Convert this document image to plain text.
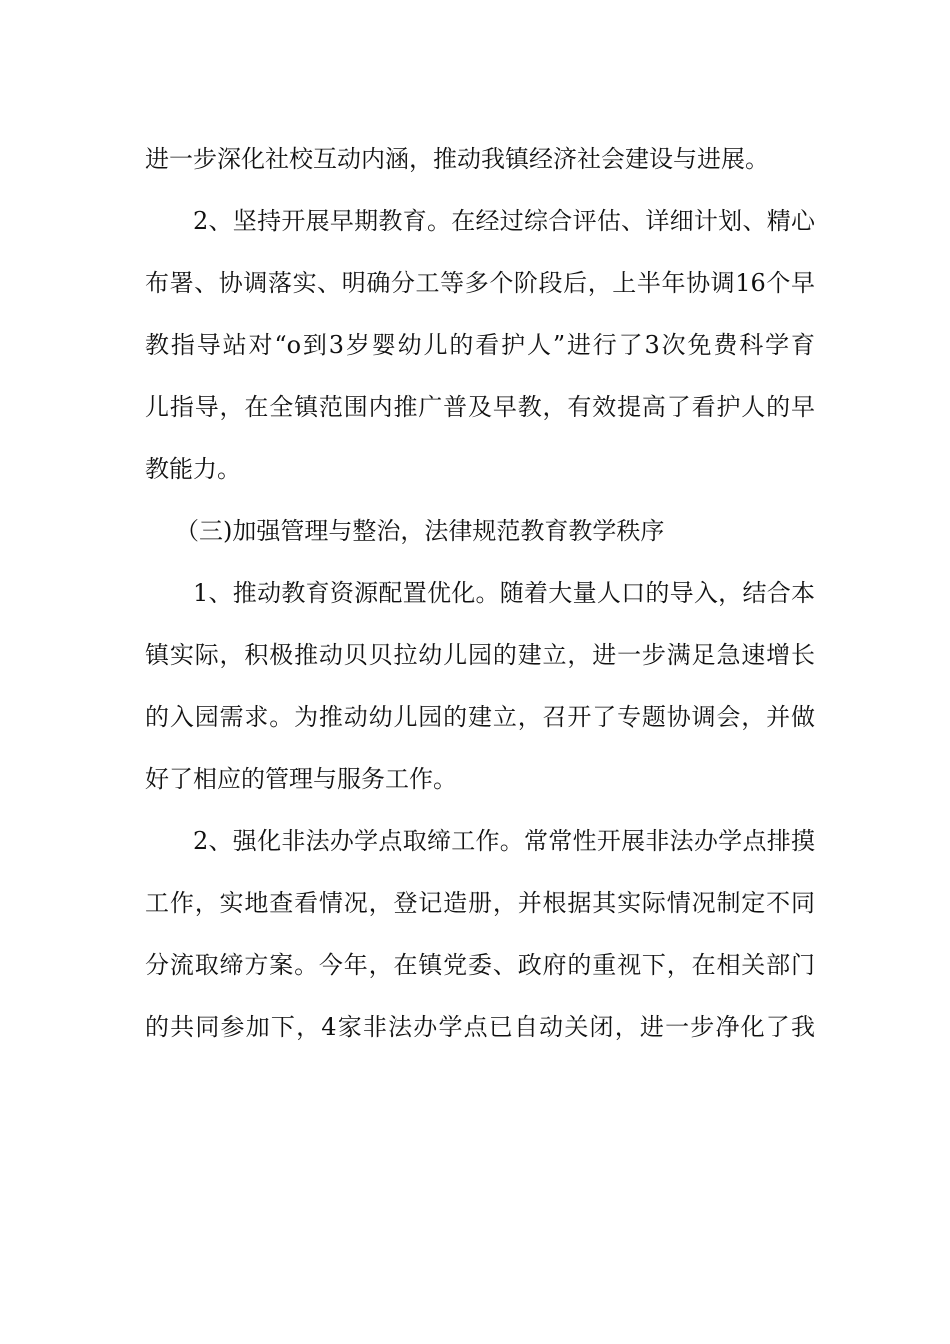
进一步深化社校互动内涵，推动我镇经济社会建设与进展。
2、坚持开展早期教育。在经过综合评估、详细计划、精心
布署、协调落实、明确分工等多个阶段后，上半年协调16个早
教指导站对“o到3岁婴幼儿的看护人”进行了3次免费科学育
儿指导，在全镇范围内推广普及早教，有效提高了看护人的早
教能力。
（三)加强管理与整治，法律规范教育教学秩序
1、推动教育资源配置优化。随着大量人口的导入，结合本
镇实际，积极推动贝贝拉幼儿园的建立，进一步满足急速增长
的入园需求。为推动幼儿园的建立，召开了专题协调会，并做
好了相应的管理与服务工作。
2、强化非法办学点取缔工作。常常性开展非法办学点排摸
工作，实地查看情况，登记造册，并根据其实际情况制定不同
分流取缔方案。今年，在镇党委、政府的重视下，在相关部门
的共同参加下，4家非法办学点已自动关闭，进一步净化了我
